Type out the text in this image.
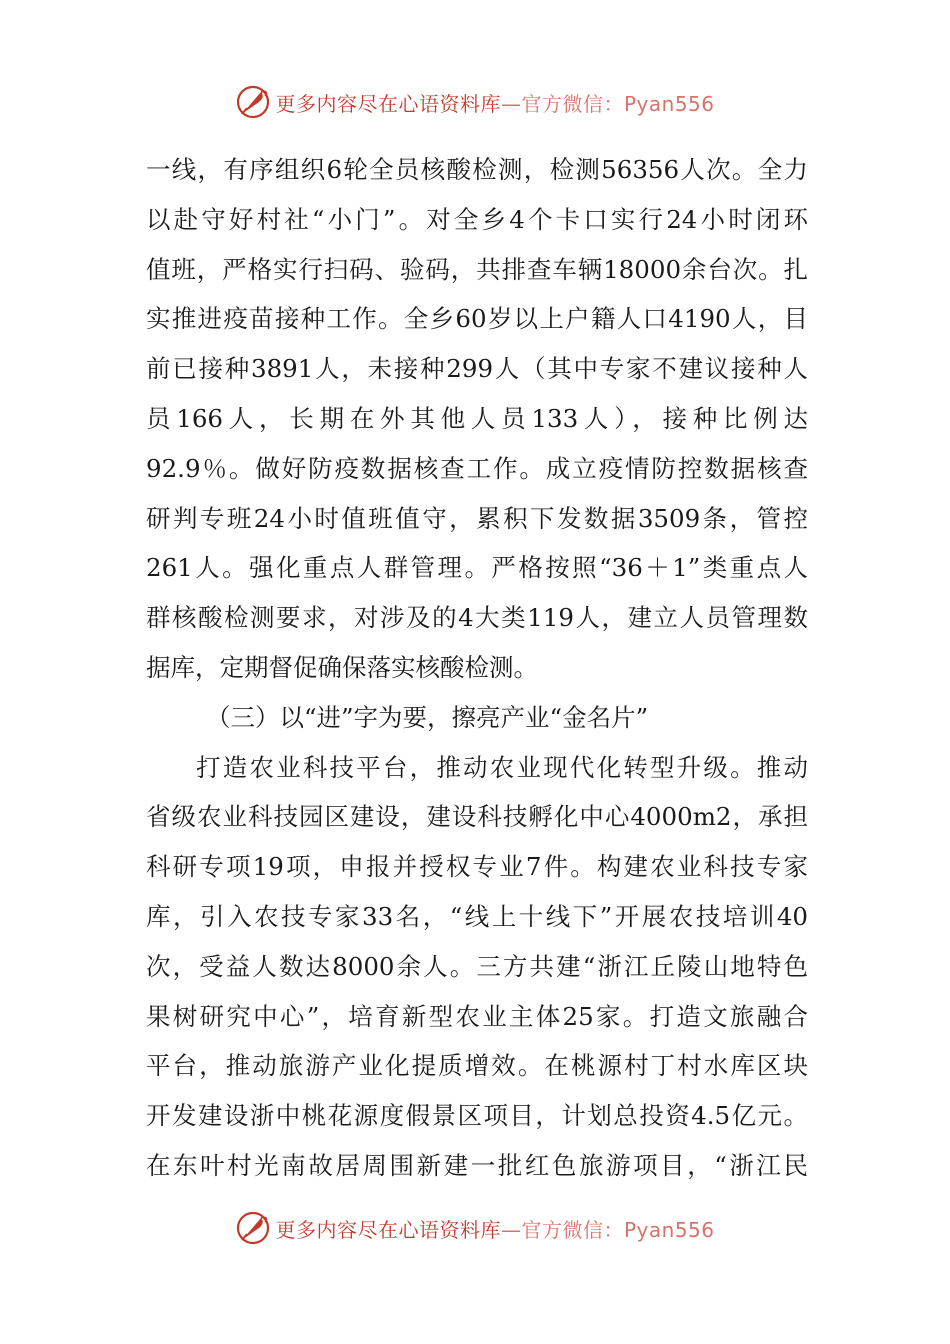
更多内容尽在心语资料库—官方微信：Pyan556
一线，有序组织6轮全员核酸检测，检测56356人次。全力
以赴守好村社“小门”。对全乡4个卡口实行24小时闭环
值班，严格实行扫码、验码，共排查车辆18000余台次。扎
实推进疫苗接种工作。全乡60岁以上户籍人口4190人，目
前已接种3891人，未接种299人（其中专家不建议接种人
员166人，长期在外其他人员133人），接种比例达
92.9％。做好防疫数据核查工作。成立疫情防控数据核查
研判专班24小时值班值守，累积下发数据3509条，管控
261人。强化重点人群管理。严格按照“36＋1”类重点人
群核酸检测要求，对涉及的4大类119人，建立人员管理数
据库，定期督促确保落实核酸检测。
（三）以“进”字为要，擦亮产业“金名片”
打造农业科技平台，推动农业现代化转型升级。推动
省级农业科技园区建设，建设科技孵化中心4000m2，承担
科研专项19项，申报并授权专业7件。构建农业科技专家
库，引入农技专家33名，“线上十线下”开展农技培训40
次，受益人数达8000余人。三方共建“浙江丘陵山地特色
果树研究中心”，培育新型农业主体25家。打造文旅融合
平台，推动旅游产业化提质增效。在桃源村丁村水库区块
开发建设浙中桃花源度假景区项目，计划总投资4.5亿元。
在东叶村光南故居周围新建一批红色旅游项目，“浙江民
更多内容尽在心语资料库—官方微信：Pyan556
